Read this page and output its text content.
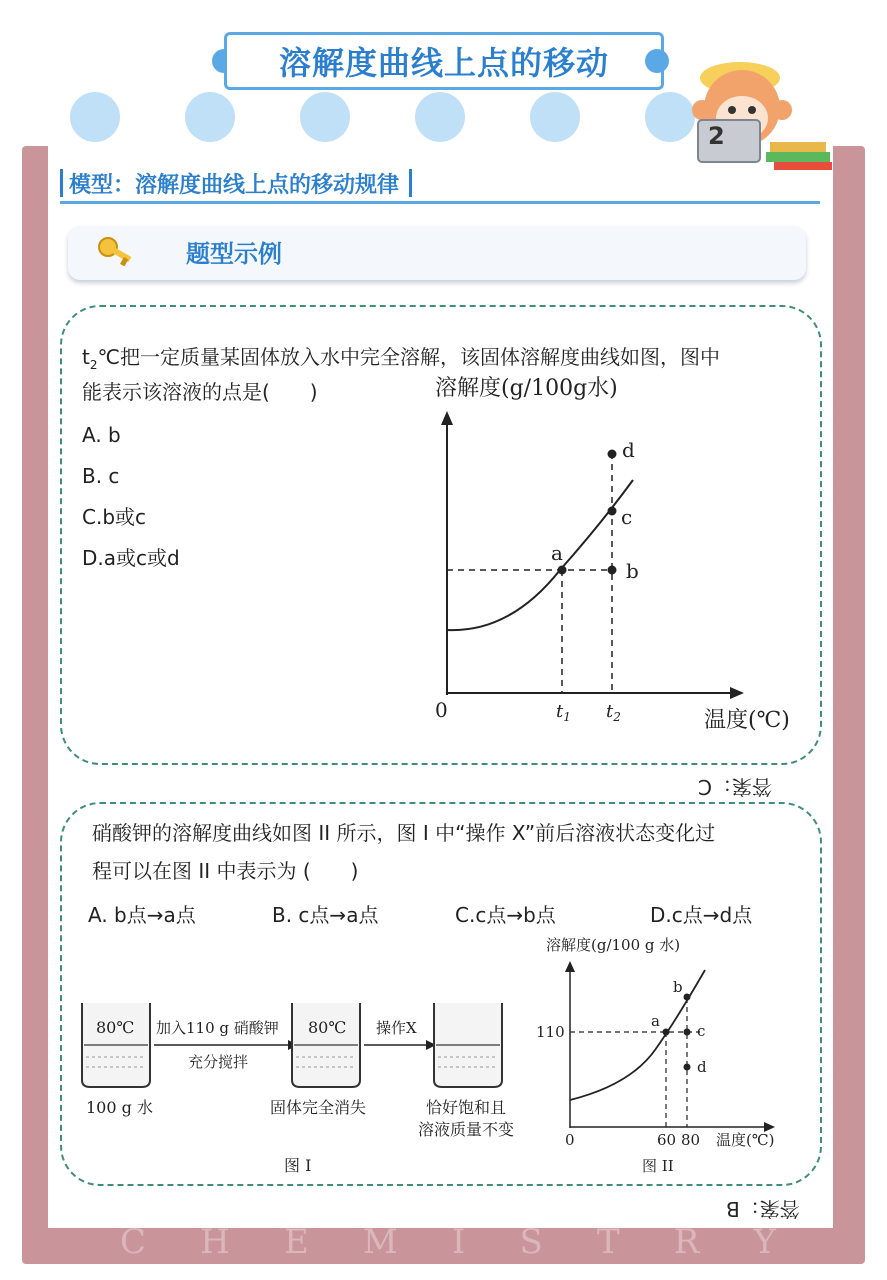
溶解度曲线上点的移动
2
模型：溶解度曲线上点的移动规律
题型示例
$t_2℃$把一定质量某固体放入水中完全溶解，该固体溶解度曲线如图，图中
能表示该溶液的点是(　　)
A. b
B. c
C.b或c
D.a或c或d
溶解度(g/100g水)
a
b
c
d
0	$t_1$ $t_2$	温度(℃)
答案：C
硝酸钾的溶解度曲线如图 II 所示，图 I 中“操作 X”前后溶液状态变化过
程可以在图 II 中表示为 (　　)
A. b点→a点	B. c点→a点	C.c点→b点	D.c点→d点
80℃
100 g 水
加入110 g 硝酸钾
充分搅拌
80℃
固体完全消失
操作X
恰好饱和且
溶液质量不变
图 I
溶解度(g/100 g 水)
a
b
c
d
110
0	60 80 温度(℃)
图 II
答案：B
C H E M I S T R Y
